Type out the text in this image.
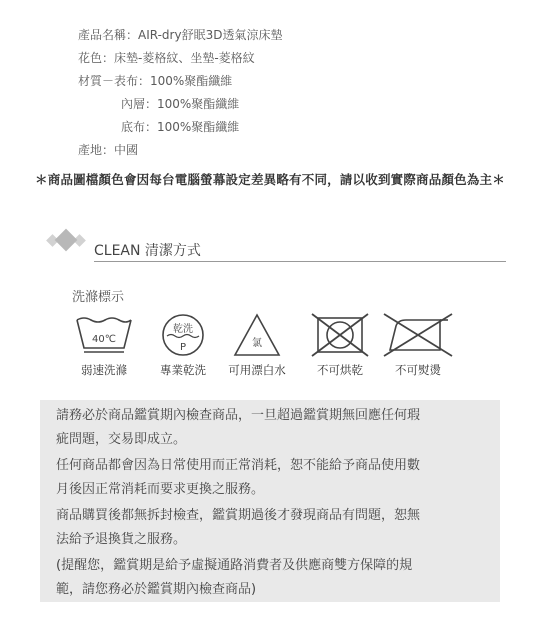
產品名稱：AIR-dry舒眠3D透氣涼床墊
花色：床墊-菱格紋、坐墊-菱格紋
材質－表布：100%聚酯纖維
內層：100%聚酯纖維
底布：100%聚酯纖維
產地：中國
＊商品圖檔顏色會因每台電腦螢幕設定差異略有不同，請以收到實際商品顏色為主＊
CLEAN 清潔方式
洗滌標示
40℃
弱速洗滌
乾洗
P
專業乾洗
氯
可用漂白水	不可烘乾	不可熨燙

請務必於商品鑑賞期內檢查商品，一旦超過鑑賞期無回應任何瑕

疵問題，交易即成立。

任何商品都會因為日常使用而正常消耗，恕不能給予商品使用數

月後因正常消耗而要求更換之服務。

商品購買後都無拆封檢查，鑑賞期過後才發現商品有問題，恕無

法給予退換貨之服務。

(提醒您，鑑賞期是給予虛擬通路消費者及供應商雙方保障的規

範，請您務必於鑑賞期內檢查商品)
